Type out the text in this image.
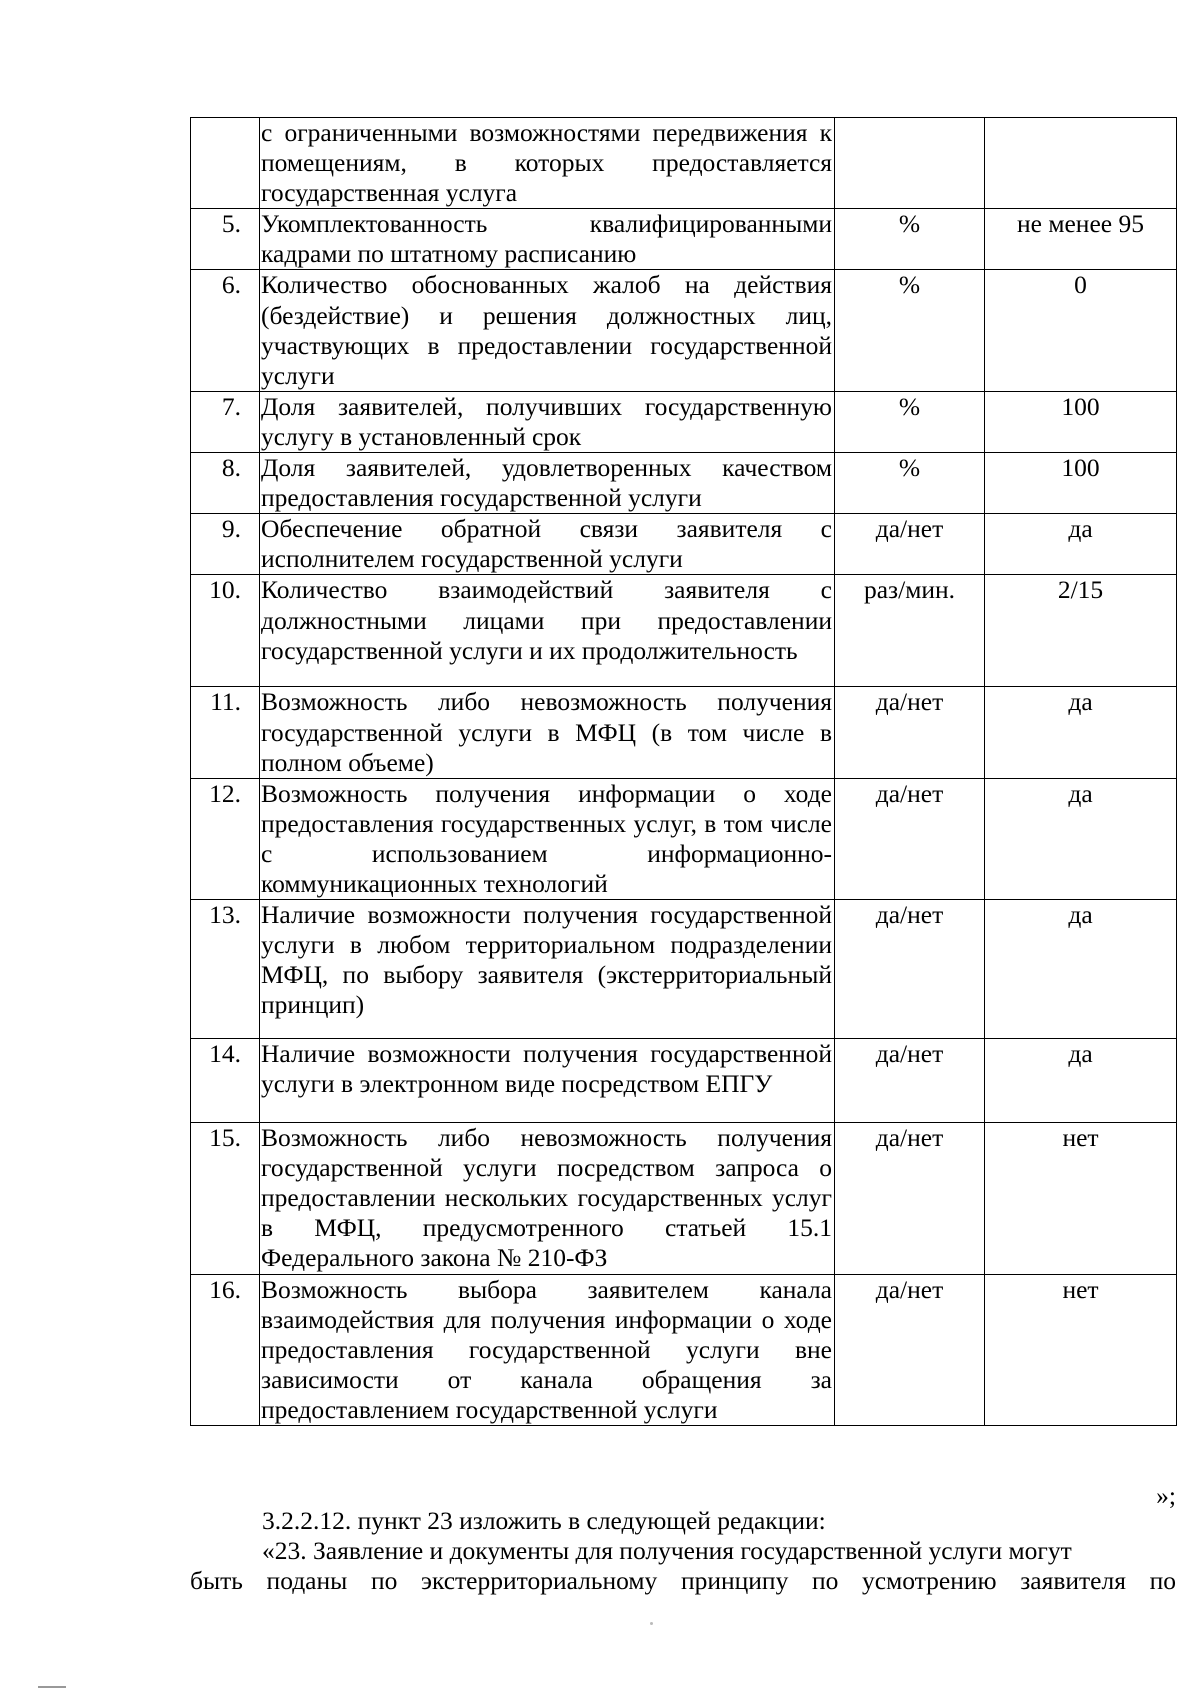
	с ограниченными возможностями передвижения к помещениям, в которых предоставляется государственная услуга		
5.	Укомплектованность квалифицированными кадрами по штатному расписанию	%	не менее 95
6.	Количество обоснованных жалоб на действия (бездействие) и решения должностных лиц, участвующих в предоставлении государственной услуги	%	0
7.	Доля заявителей, получивших государственную услугу в установленный срок	%	100
8.	Доля заявителей, удовлетворенных качеством предоставления государственной услуги	%	100
9.	Обеспечение обратной связи заявителя с исполнителем государственной услуги	да/нет	да
10.	Количество взаимодействий заявителя с должностными лицами при предоставлении государственной услуги и их продолжительность	раз/мин.	2/15
11.	Возможность либо невозможность получения государственной услуги в МФЦ (в том числе в полном объеме)	да/нет	да
12.	Возможность получения информации о ходе предоставления государственных услуг, в том числе с использованием информационно-коммуникационных технологий	да/нет	да
13.	Наличие возможности получения государственной услуги в любом территориальном подразделении МФЦ, по выбору заявителя (экстерриториальный принцип)	да/нет	да
14.	Наличие возможности получения государственной услуги в электронном виде посредством ЕПГУ	да/нет	да
15.	Возможность либо невозможность получения государственной услуги посредством запроса о предоставлении нескольких государственных услуг в МФЦ, предусмотренного статьей 15.1 Федерального закона № 210-ФЗ	да/нет	нет
16.	Возможность выбора заявителем канала взаимодействия для получения информации о ходе предоставления государственной услуги вне зависимости от канала обращения за предоставлением государственной услуги	да/нет	нет
»;
3.2.2.12. пункт 23 изложить в следующей редакции:
«23. Заявление и документы для получения государственной услуги могут
быть поданы по экстерриториальному принципу по усмотрению заявителя по
